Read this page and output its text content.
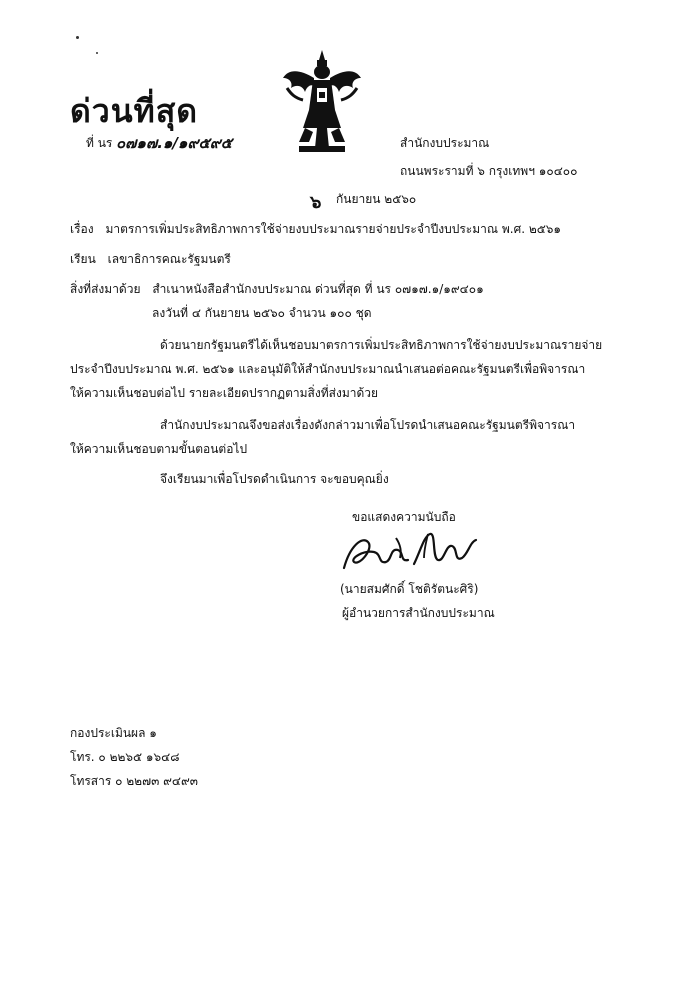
ด่วนที่สุด
ที่ นร ๐๗๑๗.๑/๑๙๕๙๕	สำนักงบประมาณ
ถนนพระรามที่ ๖ กรุงเทพฯ ๑๐๔๐๐
๖ กันยายน ๒๕๖๐
เรื่อง มาตรการเพิ่มประสิทธิภาพการใช้จ่ายงบประมาณรายจ่ายประจำปีงบประมาณ พ.ศ. ๒๕๖๑
เรียน เลขาธิการคณะรัฐมนตรี
สิ่งที่ส่งมาด้วย สำเนาหนังสือสำนักงบประมาณ ด่วนที่สุด ที่ นร ๐๗๑๗.๑/๑๙๔๐๑
ลงวันที่ ๔ กันยายน ๒๕๖๐ จำนวน ๑๐๐ ชุด
ด้วยนายกรัฐมนตรีได้เห็นชอบมาตรการเพิ่มประสิทธิภาพการใช้จ่ายงบประมาณรายจ่าย
ประจำปีงบประมาณ พ.ศ. ๒๕๖๑ และอนุมัติให้สำนักงบประมาณนำเสนอต่อคณะรัฐมนตรีเพื่อพิจารณา
ให้ความเห็นชอบต่อไป รายละเอียดปรากฏตามสิ่งที่ส่งมาด้วย
สำนักงบประมาณจึงขอส่งเรื่องดังกล่าวมาเพื่อโปรดนำเสนอคณะรัฐมนตรีพิจารณา
ให้ความเห็นชอบตามขั้นตอนต่อไป
จึงเรียนมาเพื่อโปรดดำเนินการ จะขอบคุณยิ่ง
ขอแสดงความนับถือ
(นายสมศักดิ์ โชติรัตนะศิริ)
ผู้อำนวยการสำนักงบประมาณ
กองประเมินผล ๑
โทร. ๐ ๒๒๖๕ ๑๖๔๘
โทรสาร ๐ ๒๒๗๓ ๙๔๙๓
